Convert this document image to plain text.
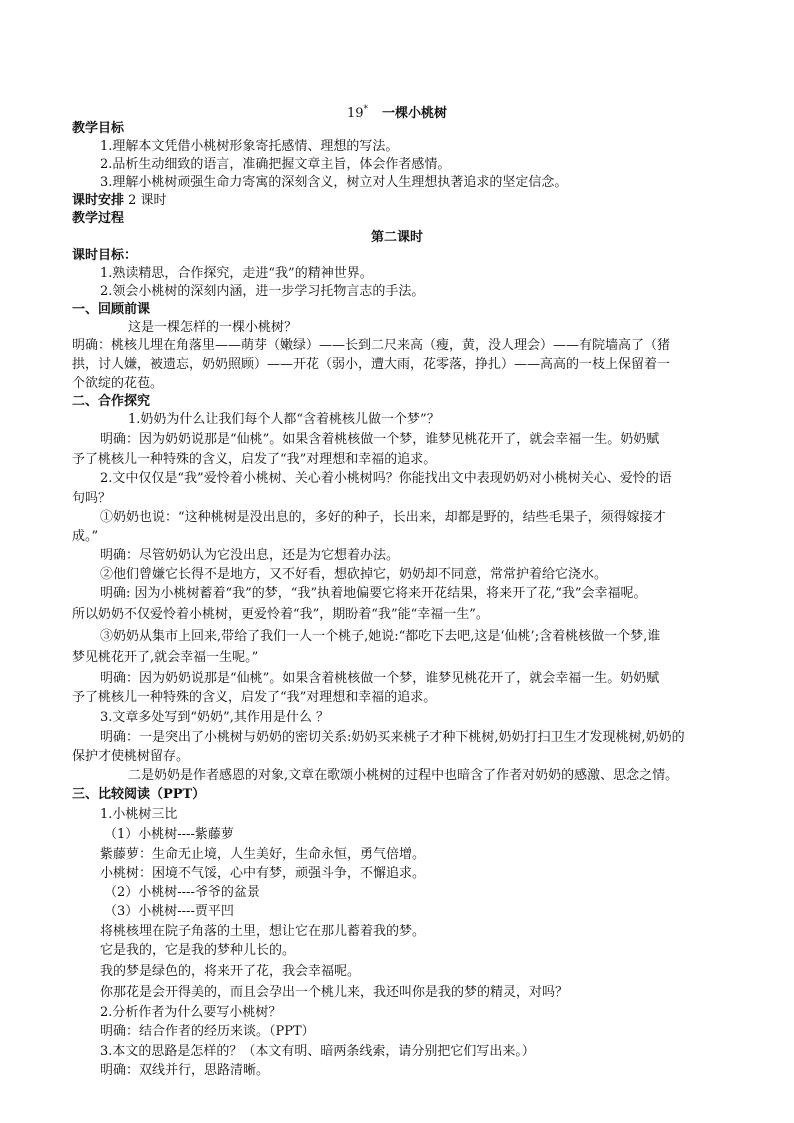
19* 一棵小桃树
教学目标
1.理解本文凭借小桃树形象寄托感情、理想的写法。
2.品析生动细致的语言，准确把握文章主旨，体会作者感情。
3.理解小桃树顽强生命力寄寓的深刻含义，树立对人生理想执著追求的坚定信念。
课时安排 2 课时
教学过程
第二课时
课时目标：
1.熟读精思，合作探究，走进“我”的精神世界。
2.领会小桃树的深刻内涵，进一步学习托物言志的手法。
一、回顾前课
这是一棵怎样的一棵小桃树？
明确：桃核儿埋在角落里——萌芽（嫩绿）——长到二尺来高（瘦，黄，没人理会）——有院墙高了（猪
拱，讨人嫌，被遗忘，奶奶照顾）——开花（弱小，遭大雨，花零落，挣扎）——高高的一枝上保留着一
个欲绽的花苞。
二、合作探究
1.奶奶为什么让我们每个人都“含着桃核儿做一个梦”？
明确：因为奶奶说那是“仙桃”。如果含着桃核做一个梦，谁梦见桃花开了，就会幸福一生。奶奶赋
予了桃核儿一种特殊的含义，启发了“我”对理想和幸福的追求。
2.文中仅仅是“我”爱怜着小桃树、关心着小桃树吗？你能找出文中表现奶奶对小桃树关心、爱怜的语
句吗？
①奶奶也说：“这种桃树是没出息的，多好的种子，长出来，却都是野的，结些毛果子，须得嫁接才
成。”
明确：尽管奶奶认为它没出息，还是为它想着办法。
②他们曾嫌它长得不是地方，又不好看，想砍掉它，奶奶却不同意，常常护着给它浇水。
明确: 因为小桃树蓄着“我”的梦，“我”执着地偏要它将来开花结果，将来开了花,“我”会幸福呢。
所以奶奶不仅爱怜着小桃树，更爱怜着“我”，期盼着“我”能“幸福一生”。
③奶奶从集市上回来,带给了我们一人一个桃子,她说:“都吃下去吧,这是‘仙桃’;含着桃核做一个梦,谁
梦见桃花开了,就会幸福一生呢。”
明确：因为奶奶说那是“仙桃”。如果含着桃核做一个梦，谁梦见桃花开了，就会幸福一生。奶奶赋
予了桃核儿一种特殊的含义，启发了“我”对理想和幸福的追求。
3.文章多处写到“奶奶”,其作用是什么 ？
明确：一是突出了小桃树与奶奶的密切关系:奶奶买来桃子才种下桃树,奶奶打扫卫生才发现桃树,奶奶的
保护才使桃树留存。
二是奶奶是作者感恩的对象,文章在歌颂小桃树的过程中也暗含了作者对奶奶的感激、思念之情。
三、比较阅读（PPT）
1.小桃树三比
（1）小桃树----紫藤萝
紫藤萝：生命无止境，人生美好，生命永恒，勇气倍增。
小桃树：困境不气馁，心中有梦，顽强斗争，不懈追求。
（2）小桃树----爷爷的盆景
（3）小桃树----贾平凹
将桃核埋在院子角落的土里，想让它在那儿蓄着我的梦。
它是我的，它是我的梦种儿长的。
我的梦是绿色的，将来开了花，我会幸福呢。
你那花是会开得美的，而且会孕出一个桃儿来，我还叫你是我的梦的精灵，对吗？
2.分析作者为什么要写小桃树？
明确：结合作者的经历来谈。（PPT）
3.本文的思路是怎样的？（本文有明、暗两条线索，请分别把它们写出来。）
明确：双线并行，思路清晰。
